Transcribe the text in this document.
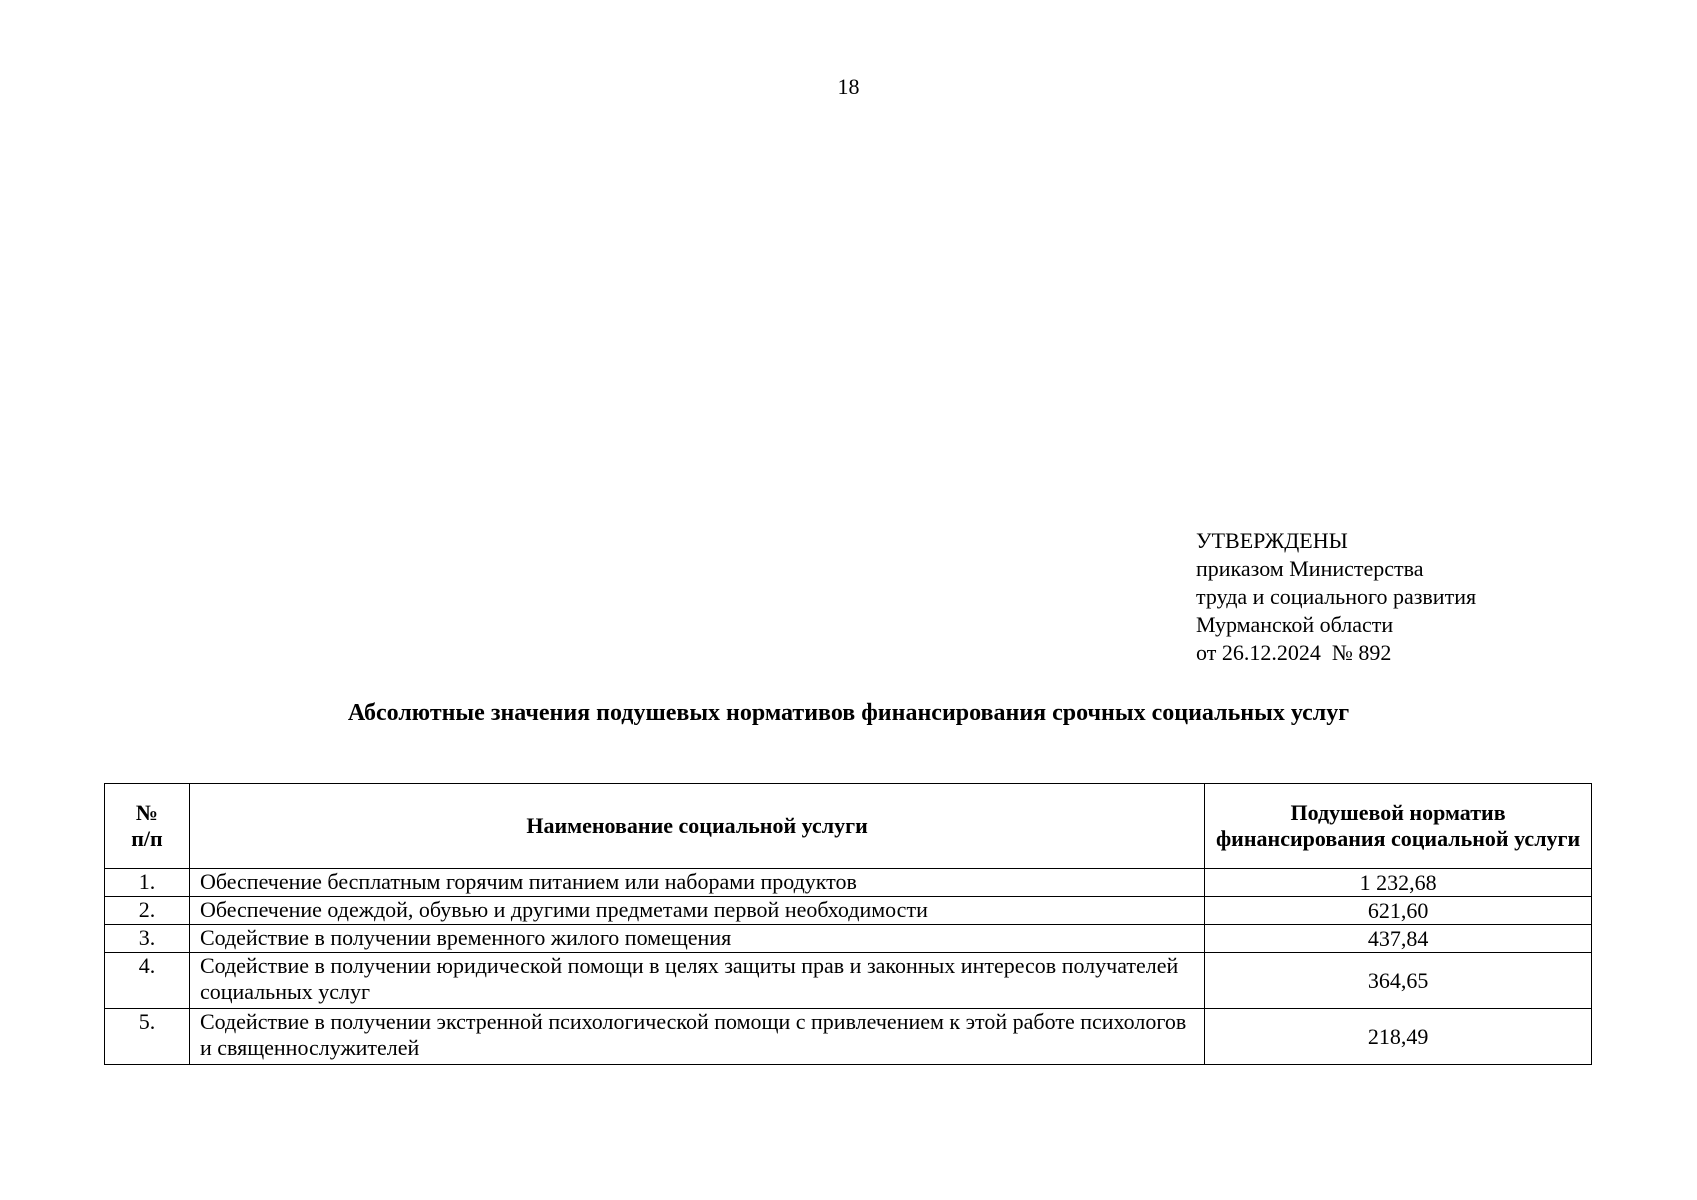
18
УТВЕРЖДЕНЫ
приказом Министерства
труда и социального развития
Мурманской области
от 26.12.2024  № 892
Абсолютные значения подушевых нормативов финансирования срочных социальных услуг
№
п/п	Наименование социальной услуги	Подушевой норматив финансирования социальной услуги
1.	Обеспечение бесплатным горячим питанием или наборами продуктов	1 232,68
2.	Обеспечение одеждой, обувью и другими предметами первой необходимости	621,60
3.	Содействие в получении временного жилого помещения	437,84
4.	Содействие в получении юридической помощи в целях защиты прав и законных интересов получателей социальных услуг	364,65
5.	Содействие в получении экстренной психологической помощи с привлечением к этой работе психологов и священнослужителей	218,49
